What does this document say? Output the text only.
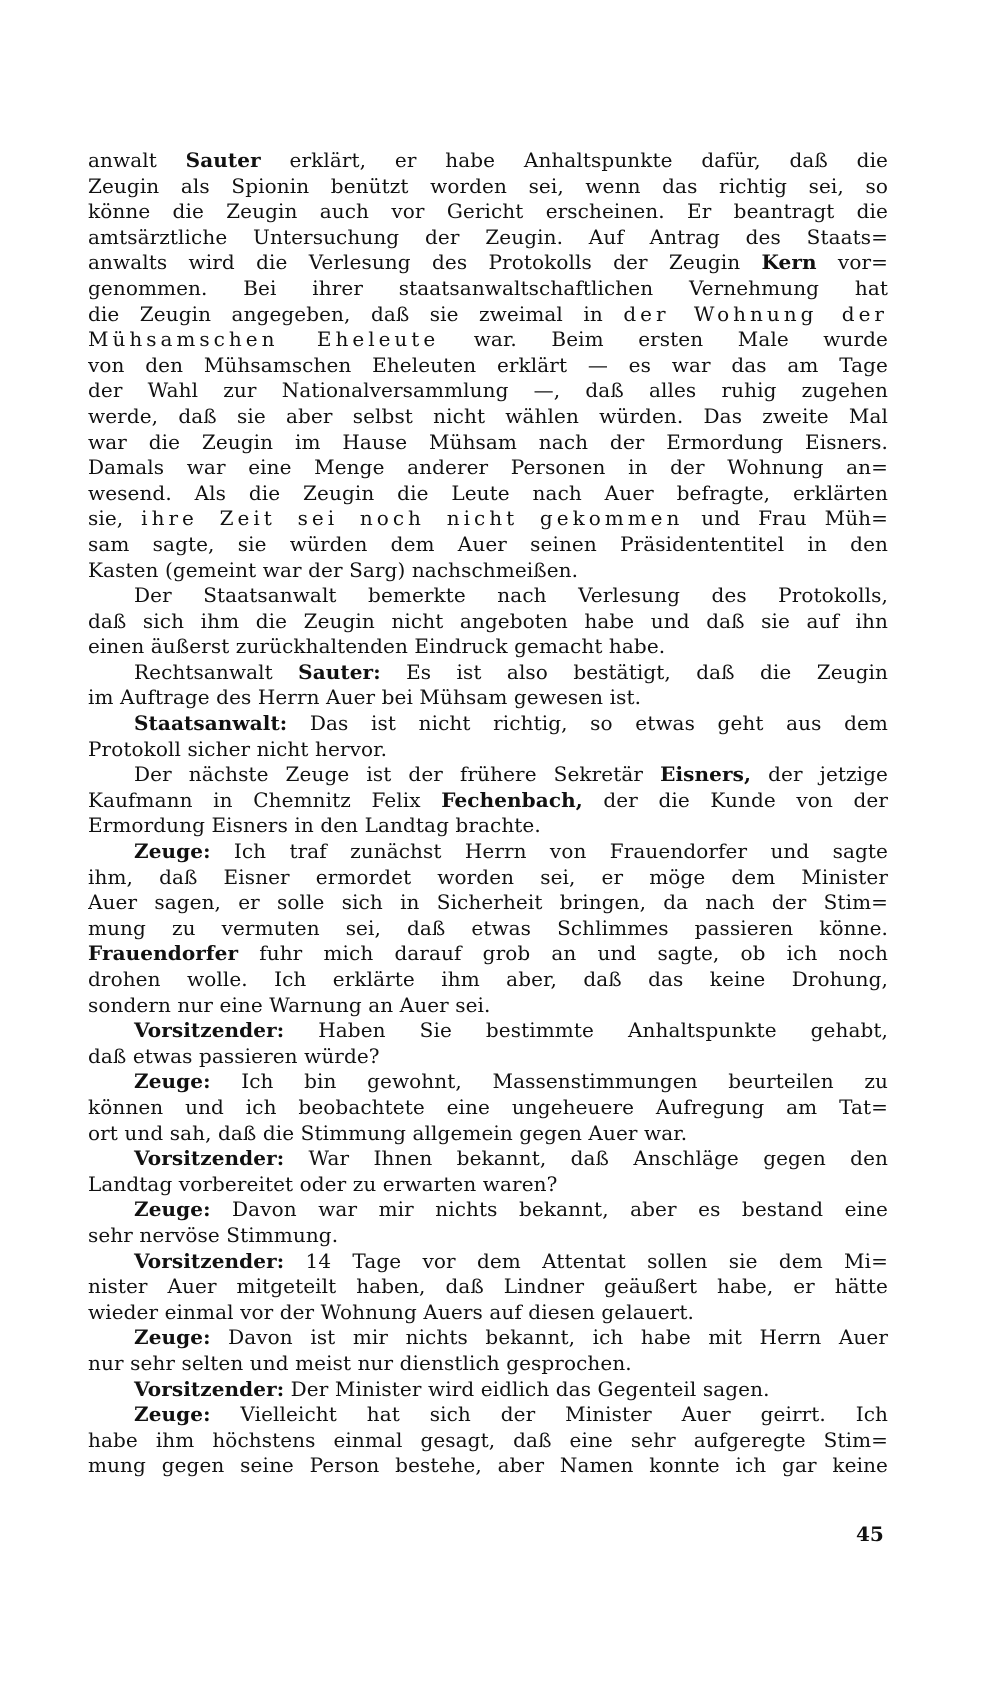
anwalt Sauter erklärt, er habe Anhaltspunkte dafür, daß die
Zeugin als Spionin benützt worden sei, wenn das richtig sei, so
könne die Zeugin auch vor Gericht erscheinen. Er beantragt die
amtsärztliche Untersuchung der Zeugin. Auf Antrag des Staats=
anwalts wird die Verlesung des Protokolls der Zeugin Kern vor=
genommen. Bei ihrer staatsanwaltschaftlichen Vernehmung hat
die Zeugin angegeben, daß sie zweimal in der Wohnung der
Mühsamschen Eheleute war. Beim ersten Male wurde
von den Mühsamschen Eheleuten erklärt — es war das am Tage
der Wahl zur Nationalversammlung —, daß alles ruhig zugehen
werde, daß sie aber selbst nicht wählen würden. Das zweite Mal
war die Zeugin im Hause Mühsam nach der Ermordung Eisners.
Damals war eine Menge anderer Personen in der Wohnung an=
wesend. Als die Zeugin die Leute nach Auer befragte, erklärten
sie, ihre Zeit sei noch nicht gekommen und Frau Müh=
sam sagte, sie würden dem Auer seinen Präsidententitel in den
Kasten (gemeint war der Sarg) nachschmeißen.
Der Staatsanwalt bemerkte nach Verlesung des Protokolls,
daß sich ihm die Zeugin nicht angeboten habe und daß sie auf ihn
einen äußerst zurückhaltenden Eindruck gemacht habe.
Rechtsanwalt Sauter: Es ist also bestätigt, daß die Zeugin
im Auftrage des Herrn Auer bei Mühsam gewesen ist.
Staatsanwalt: Das ist nicht richtig, so etwas geht aus dem
Protokoll sicher nicht hervor.
Der nächste Zeuge ist der frühere Sekretär Eisners, der jetzige
Kaufmann in Chemnitz Felix Fechenbach, der die Kunde von der
Ermordung Eisners in den Landtag brachte.
Zeuge: Ich traf zunächst Herrn von Frauendorfer und sagte
ihm, daß Eisner ermordet worden sei, er möge dem Minister
Auer sagen, er solle sich in Sicherheit bringen, da nach der Stim=
mung zu vermuten sei, daß etwas Schlimmes passieren könne.
Frauendorfer fuhr mich darauf grob an und sagte, ob ich noch
drohen wolle. Ich erklärte ihm aber, daß das keine Drohung,
sondern nur eine Warnung an Auer sei.
Vorsitzender: Haben Sie bestimmte Anhaltspunkte gehabt,
daß etwas passieren würde?
Zeuge: Ich bin gewohnt, Massenstimmungen beurteilen zu
können und ich beobachtete eine ungeheuere Aufregung am Tat=
ort und sah, daß die Stimmung allgemein gegen Auer war.
Vorsitzender: War Ihnen bekannt, daß Anschläge gegen den
Landtag vorbereitet oder zu erwarten waren?
Zeuge: Davon war mir nichts bekannt, aber es bestand eine
sehr nervöse Stimmung.
Vorsitzender: 14 Tage vor dem Attentat sollen sie dem Mi=
nister Auer mitgeteilt haben, daß Lindner geäußert habe, er hätte
wieder einmal vor der Wohnung Auers auf diesen gelauert.
Zeuge: Davon ist mir nichts bekannt, ich habe mit Herrn Auer
nur sehr selten und meist nur dienstlich gesprochen.
Vorsitzender: Der Minister wird eidlich das Gegenteil sagen.
Zeuge: Vielleicht hat sich der Minister Auer geirrt. Ich
habe ihm höchstens einmal gesagt, daß eine sehr aufgeregte Stim=
mung gegen seine Person bestehe, aber Namen konnte ich gar keine
45
